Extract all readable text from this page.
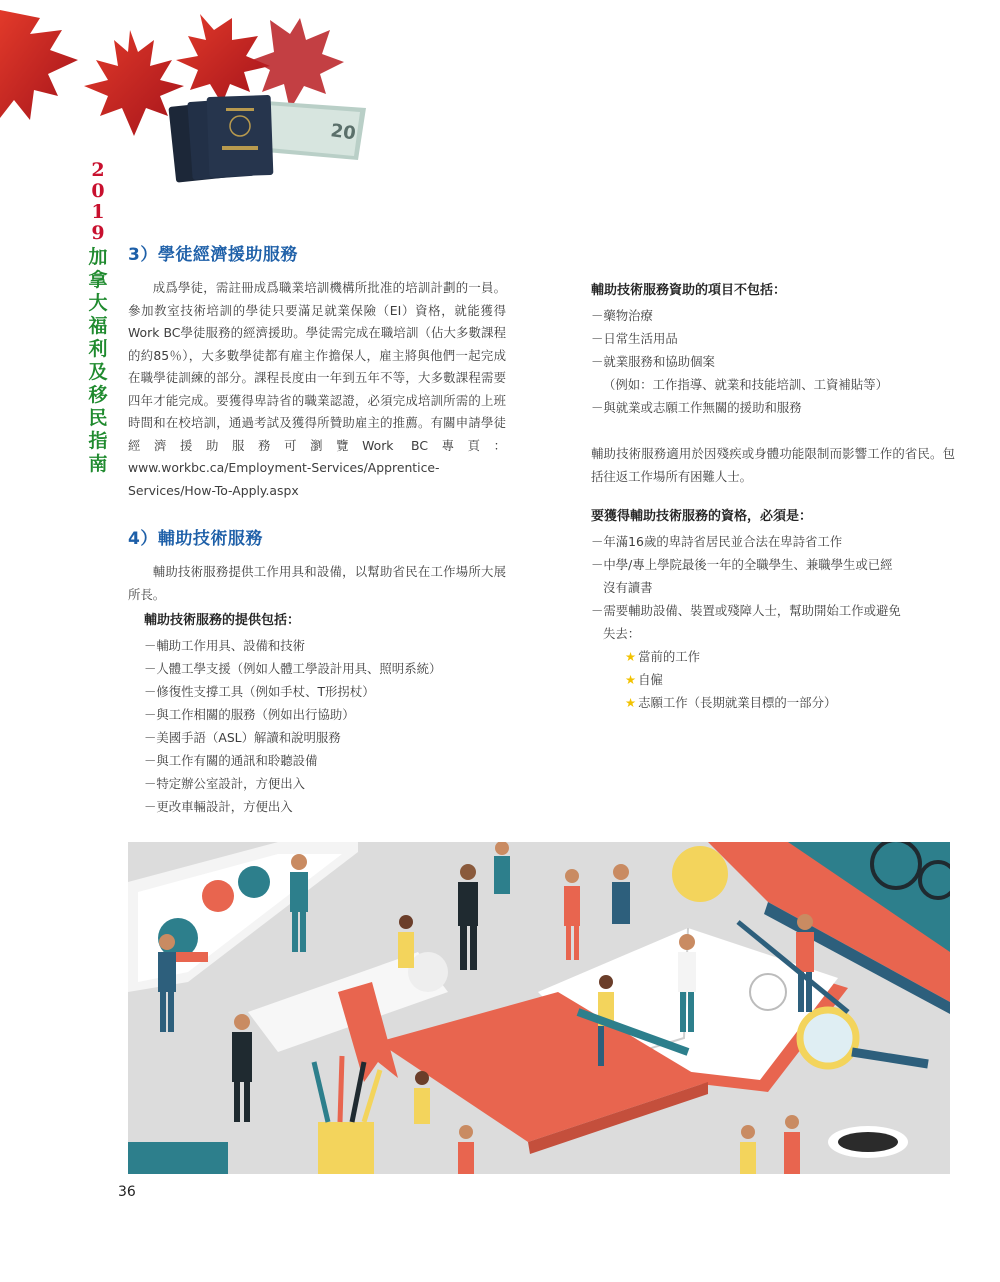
20
2019
加拿大福利及移民指南
3）學徒經濟援助服務

成爲學徒，需註冊成爲職業培訓機構所批准的培訓計劃的一員。參加教室技術培訓的學徒只要滿足就業保險（EI）資格，就能獲得Work BC學徒服務的經濟援助。學徒需完成在職培訓（佔大多數課程的約85％），大多數學徒都有雇主作擔保人，雇主將與他們一起完成在職學徒訓練的部分。課程長度由一年到五年不等，大多數課程需要四年才能完成。要獲得卑詩省的職業認證，必須完成培訓所需的上班時間和在校培訓，通過考試及獲得所贊助雇主的推薦。有關申請學徒經濟援助服務可瀏覽Work BC專頁：www.workbc.ca/Employment-Services/Apprentice-Services/How-To-Apply.aspx

4）輔助技術服務

輔助技術服務提供工作用具和設備，以幫助省民在工作場所大展所長。

輔助技術服務的提供包括：
－輔助工作用具、設備和技術
－人體工學支援（例如人體工學設計用具、照明系統）
－修復性支撐工具（例如手杖、T形拐杖）
－與工作相關的服務（例如出行協助）
－美國手語（ASL）解讀和說明服務
－與工作有關的通訊和聆聽設備
－特定辦公室設計，方便出入
－更改車輛設計，方便出入
輔助技術服務資助的項目不包括：
－藥物治療
－日常生活用品
－就業服務和協助個案
（例如：工作指導、就業和技能培訓、工資補貼等）
－與就業或志願工作無關的援助和服務

輔助技術服務適用於因殘疾或身體功能限制而影響工作的省民。包括往返工作場所有困難人士。

要獲得輔助技術服務的資格，必須是：
－年滿16歲的卑詩省居民並合法在卑詩省工作
－中學/專上學院最後一年的全職學生、兼職學生或已經
沒有讀書
－需要輔助設備、裝置或殘障人士，幫助開始工作或避免
失去：
★ 當前的工作
★ 自僱
★ 志願工作（長期就業目標的一部分）
36
